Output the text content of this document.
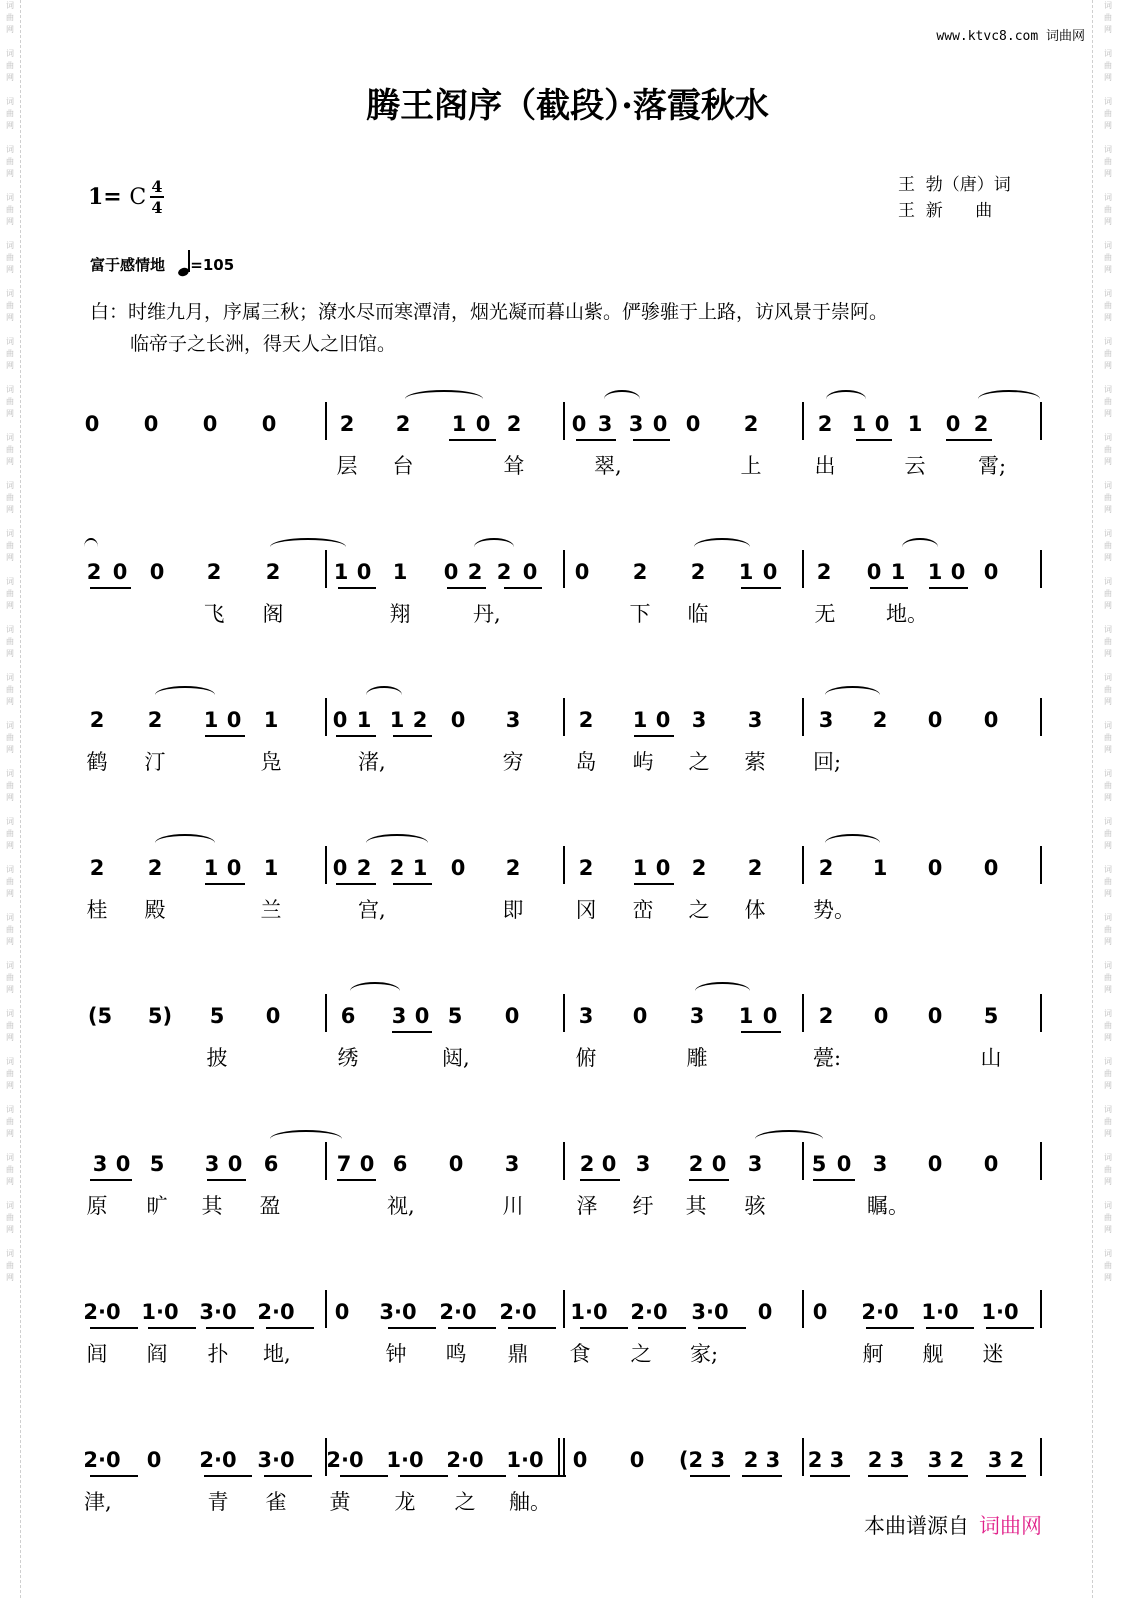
词
曲
网

词
曲
网

词
曲
网

词
曲
网

词
曲
网

词
曲
网

词
曲
网

词
曲
网

词
曲
网

词
曲
网

词
曲
网

词
曲
网

词
曲
网

词
曲
网

词
曲
网

词
曲
网

词
曲
网

词
曲
网

词
曲
网

词
曲
网

词
曲
网

词
曲
网

词
曲
网

词
曲
网

词
曲
网

词
曲
网

词
曲
网

词
曲
网

词
曲
网

词
曲
网

词
曲
网

词
曲
网

词
曲
网

词
曲
网

词
曲
网

词
曲
网

词
曲
网

词
曲
网

词
曲
网

词
曲
网

词
曲
网

词
曲
网

词
曲
网

词
曲
网

词
曲
网

词
曲
网

词
曲
网

词
曲
网

词
曲
网

词
曲
网

词
曲
网

词
曲
网

词
曲
网

词
曲
网

www.ktvc8.com 词曲网
腾王阁序（截段）·落霞秋水
1= C 4
4
王  勃（唐）词
王  新      曲
富于感情地 =105
白：时维九月，序属三秋；潦水尽而寒潭清，烟光凝而暮山紫。俨骖骓于上路，访风景于崇阿。
临帝子之长洲，得天人之旧馆。
0 0 0 0	2 2 1 0 2 0 3 3 0 0 2	2 1 0 1 0 2
层 台	耸	翠,	上	出	云	霄;
2 0 0 2 2	1 0 1 0 2 2 0 0 2 2 1 0 2 0 1 1 0 0
飞 阁	翔	丹,	下 临	无 地。
2 2 1 0 1	0 1 1 2 0 3	2 1 0 3 3	3 2 0 0
鹤 汀	凫	渚,	穷 岛 屿 之 萦 回;
2 2 1 0 1	0 2 2 1 0 2	2 1 0 2 2	2 1 0 0
桂 殿	兰	宫,	即 冈 峦 之 体 势。
(5	5)	5 0	6 3 0 5 0	3 0 3 1 0 2 0 0 5
披	绣	闼,	俯	雕	甍:	山
3 0 5 3 0 6	7 0 6 0 3	2 0 3 2 0 3 5 0 3 0 0
原 旷 其 盈	视,	川	泽 纡 其 骇	瞩。
2·0 1·0 3·0 2·0 0 3·0 2·0 2·0 1·0 2·0 3·0 0 0 2·0 1·0 1·0
闾 阎 扑 地,	钟 鸣 鼎 食 之 家;	舸 舰 迷
2·0 0 2·0 3·0 2·0 1·0 2·0 1·0 0 0 (2 3 2 3 2 3 2 3 3 2 3 2
津,	青 雀 黄 龙 之 舳。
本曲谱源自 词曲网
